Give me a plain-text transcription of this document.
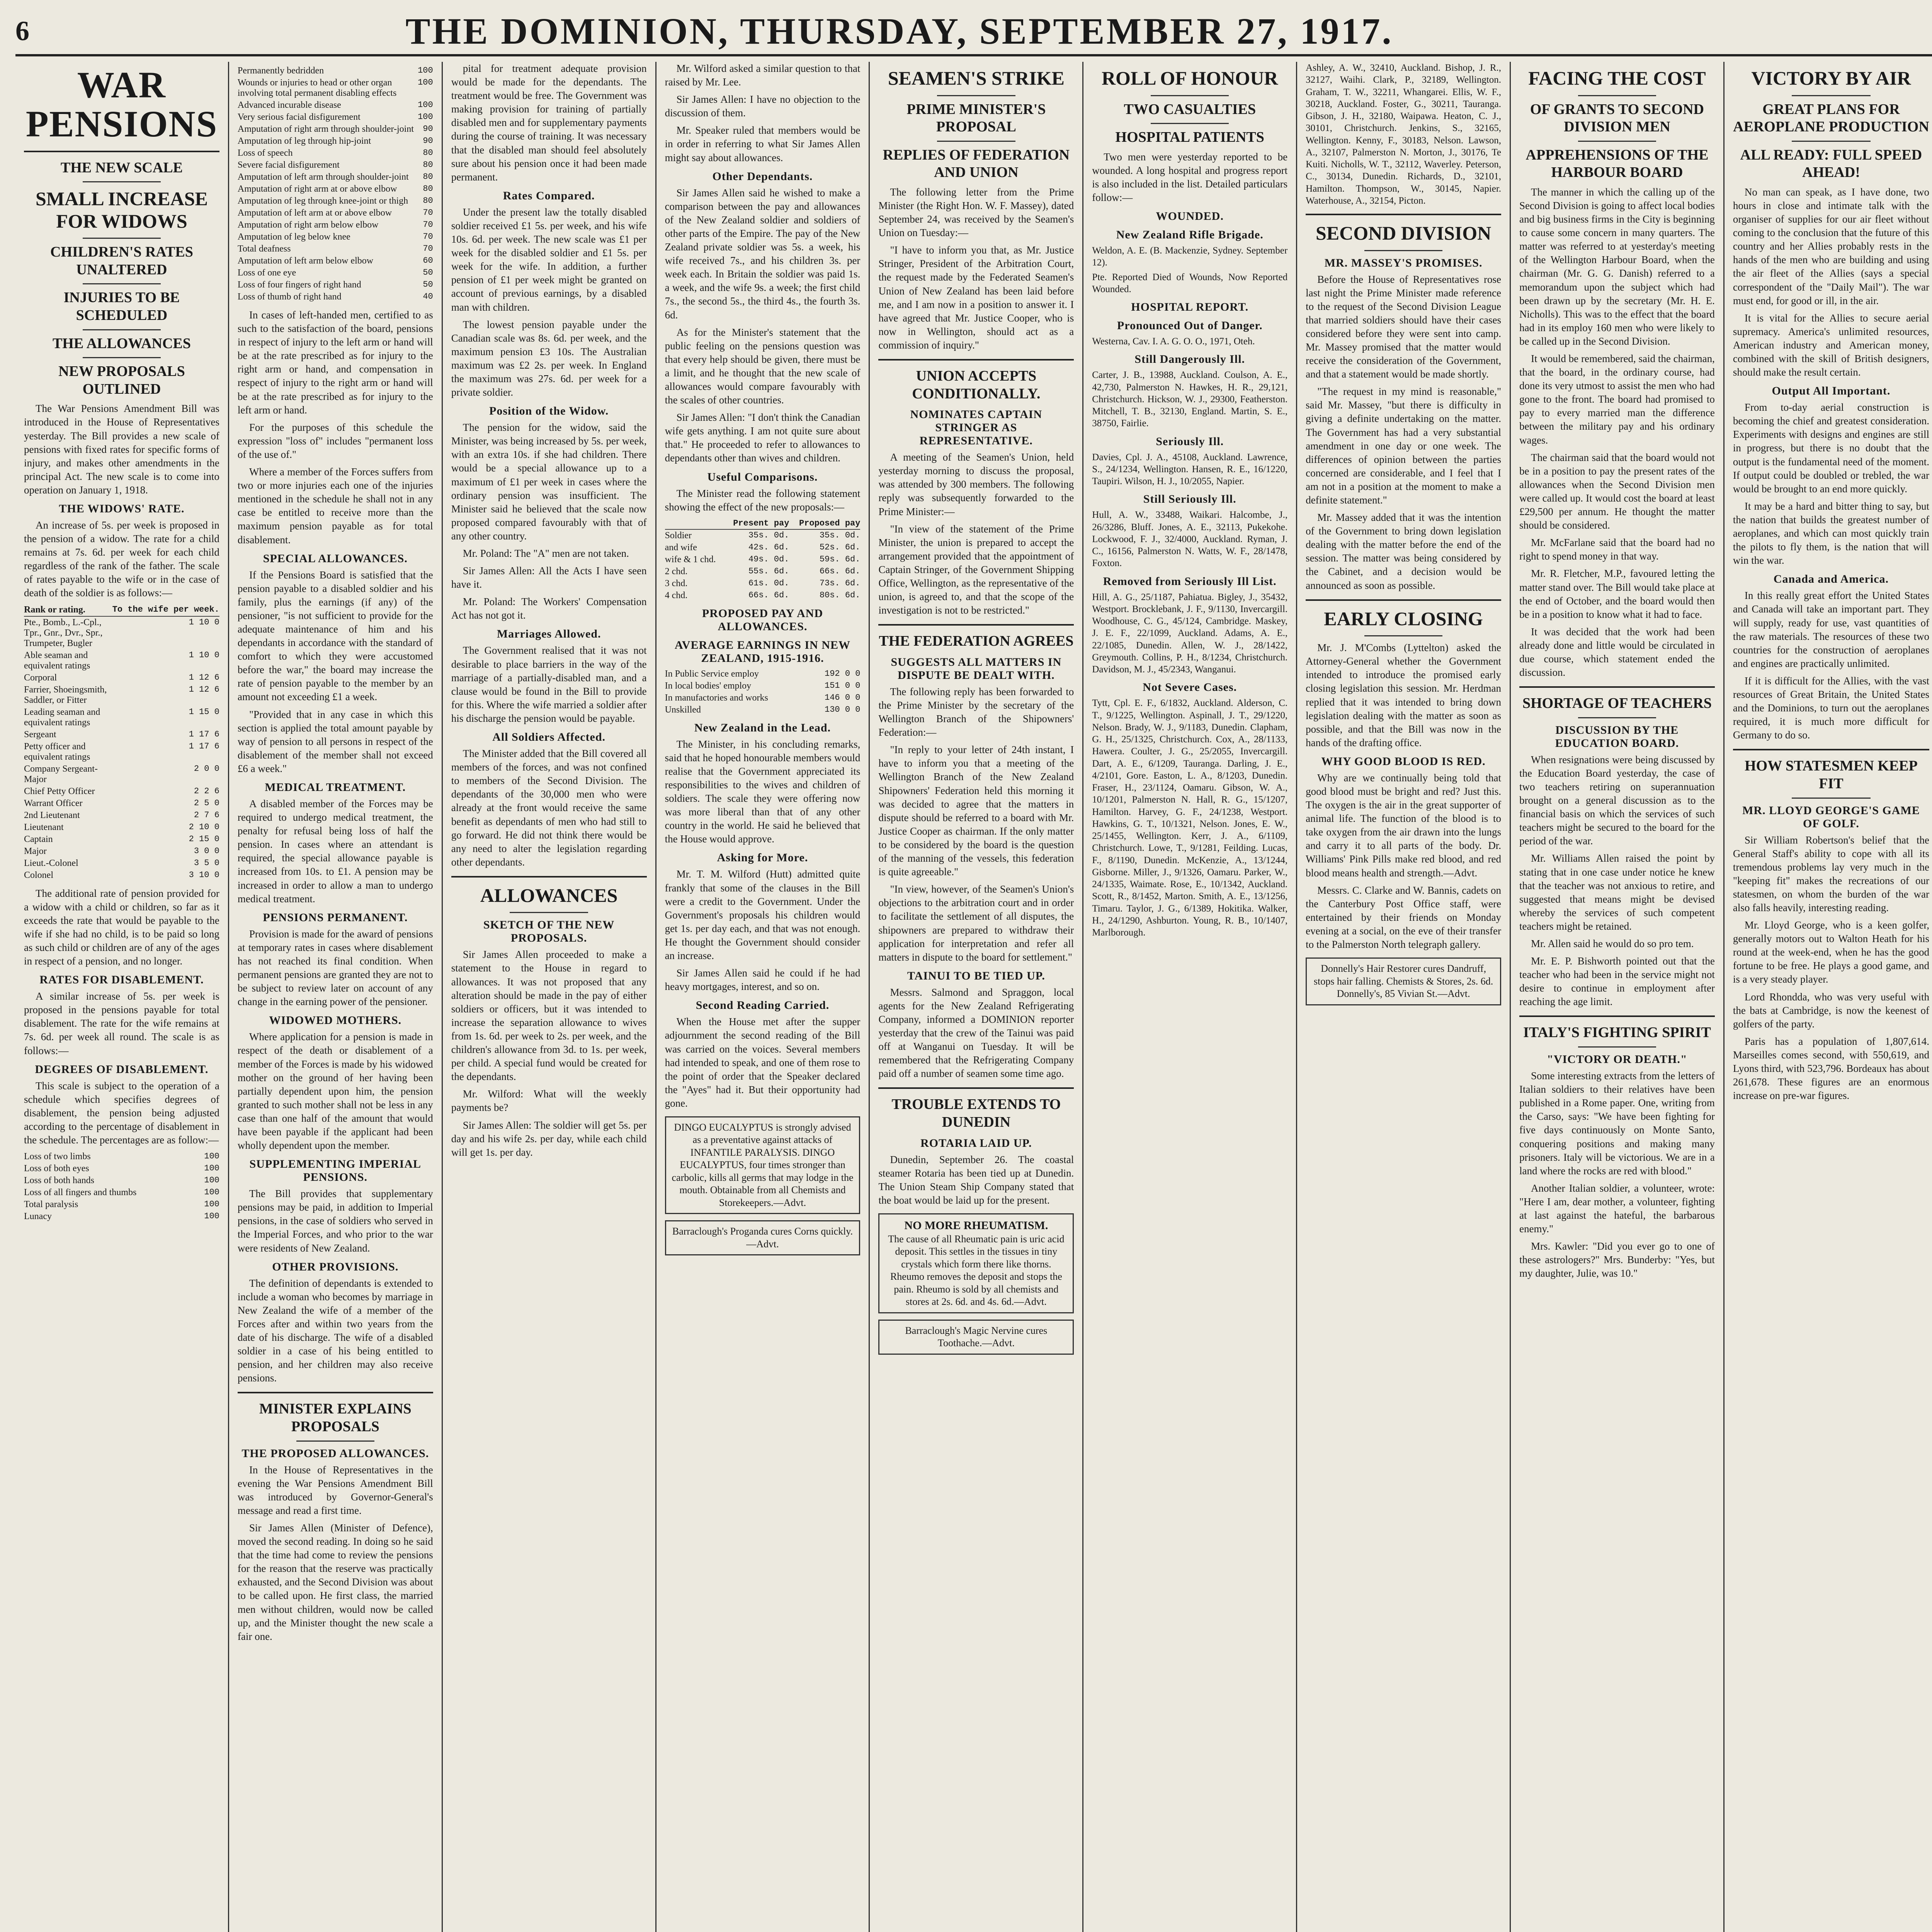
6	THE DOMINION, THURSDAY, SEPTEMBER 27, 1917.
WAR PENSIONS
THE NEW SCALE
SMALL INCREASE FOR WIDOWS
CHILDREN'S RATES UNALTERED
INJURIES TO BE SCHEDULED
THE ALLOWANCES
NEW PROPOSALS OUTLINED

The War Pensions Amendment Bill was introduced in the House of Representatives yesterday. The Bill provides a new scale of pensions with fixed rates for specific forms of injury, and makes other amendments in the principal Act. The new scale is to come into operation on January 1, 1918.

THE WIDOWS' RATE.

An increase of 5s. per week is proposed in the pension of a widow. The rate for a child remains at 7s. 6d. per week for each child regardless of the rank of the father. The scale of rates payable to the wife or in the case of death of the soldier is as follows:—

Rank or rating.	To the wife per week.
Pte., Bomb., L.-Cpl., Tpr., Gnr., Dvr., Spr., Trumpeter, Bugler	1 10 0
Able seaman and equivalent ratings	1 10 0
Corporal	1 12 6
Farrier, Shoeingsmith, Saddler, or Fitter	1 12 6
Leading seaman and equivalent ratings	1 15 0
Sergeant	1 17 6
Petty officer and equivalent ratings	1 17 6
Company Sergeant-Major	2 0 0
Chief Petty Officer	2 2 6
Warrant Officer	2 5 0
2nd Lieutenant	2 7 6
Lieutenant	2 10 0
Captain	2 15 0
Major	3 0 0
Lieut.-Colonel	3 5 0
Colonel	3 10 0

The additional rate of pension provided for a widow with a child or children, so far as it exceeds the rate that would be payable to the wife if she had no child, is to be paid so long as such child or children are of any of the ages in respect of a pension, and no longer.

RATES FOR DISABLEMENT.

A similar increase of 5s. per week is proposed in the pensions payable for total disablement. The rate for the wife remains at 7s. 6d. per week all round. The scale is as follows:—

DEGREES OF DISABLEMENT.

This scale is subject to the operation of a schedule which specifies degrees of disablement, the pension being adjusted according to the percentage of disablement in the schedule. The percentages are as follow:—

Loss of two limbs	100
Loss of both eyes	100
Loss of both hands	100
Loss of all fingers and thumbs	100
Total paralysis	100
Lunacy	100
Permanently bedridden	100
Wounds or injuries to head or other organ involving total permanent disabling effects	100
Advanced incurable disease	100
Very serious facial disfigurement	100
Amputation of right arm through shoulder-joint	90
Amputation of leg through hip-joint	90
Loss of speech	80
Severe facial disfigurement	80
Amputation of left arm through shoulder-joint	80
Amputation of right arm at or above elbow	80
Amputation of leg through knee-joint or thigh	80
Amputation of left arm at or above elbow	70
Amputation of right arm below elbow	70
Amputation of leg below knee	70
Total deafness	70
Amputation of left arm below elbow	60
Loss of one eye	50
Loss of four fingers of right hand	50
Loss of thumb of right hand	40

In cases of left-handed men, certified to as such to the satisfaction of the board, pensions in respect of injury to the left arm or hand will be at the rate prescribed as for injury to the right arm or hand, and compensation in respect of injury to the right arm or hand will be at the rate prescribed as for injury to the left arm or hand.

For the purposes of this schedule the expression "loss of" includes "permanent loss of the use of."

Where a member of the Forces suffers from two or more injuries each one of the injuries mentioned in the schedule he shall not in any case be entitled to receive more than the maximum pension payable as for total disablement.

SPECIAL ALLOWANCES.

If the Pensions Board is satisfied that the pension payable to a disabled soldier and his family, plus the earnings (if any) of the pensioner, "is not sufficient to provide for the adequate maintenance of him and his dependants in accordance with the standard of comfort to which they were accustomed before the war," the board may increase the rate of pension payable to the member by an amount not exceeding £1 a week.

"Provided that in any case in which this section is applied the total amount payable by way of pension to all persons in respect of the disablement of the member shall not exceed £6 a week."

MEDICAL TREATMENT.

A disabled member of the Forces may be required to undergo medical treatment, the penalty for refusal being loss of half the pension. In cases where an attendant is required, the special allowance payable is increased from 10s. to £1. A pension may be increased in order to allow a man to undergo medical treatment.

PENSIONS PERMANENT.

Provision is made for the award of pensions at temporary rates in cases where disablement has not reached its final condition. When permanent pensions are granted they are not to be subject to review later on account of any change in the earning power of the pensioner.

WIDOWED MOTHERS.

Where application for a pension is made in respect of the death or disablement of a member of the Forces is made by his widowed mother on the ground of her having been partially dependent upon him, the pension granted to such mother shall not be less in any case than one half of the amount that would have been payable if the applicant had been wholly dependent upon the member.

SUPPLEMENTING IMPERIAL PENSIONS.

The Bill provides that supplementary pensions may be paid, in addition to Imperial pensions, in the case of soldiers who served in the Imperial Forces, and who prior to the war were residents of New Zealand.

OTHER PROVISIONS.

The definition of dependants is extended to include a woman who becomes by marriage in New Zealand the wife of a member of the Forces after and within two years from the date of his discharge. The wife of a disabled soldier in a case of his being entitled to pension, and her children may also receive pensions.

MINISTER EXPLAINS PROPOSALS
THE PROPOSED ALLOWANCES.

In the House of Representatives in the evening the War Pensions Amendment Bill was introduced by Governor-General's message and read a first time.

Sir James Allen (Minister of Defence), moved the second reading. In doing so he said that the time had come to review the pensions for the reason that the reserve was practically exhausted, and the Second Division was about to be called upon. He first class, the married men without children, would now be called up, and the Minister thought the new scale a fair one.

pital for treatment adequate provision would be made for the dependants. The treatment would be free. The Government was making provision for training of partially disabled men and for supplementary payments during the course of training. It was necessary that the disabled man should feel absolutely sure about his pension once it had been made permanent.

Rates Compared.

Under the present law the totally disabled soldier received £1 5s. per week, and his wife 10s. 6d. per week. The new scale was £1 per week for the disabled soldier and £1 5s. per week for the wife. In addition, a further pension of £1 per week might be granted on account of previous earnings, by a disabled man with children.

The lowest pension payable under the Canadian scale was 8s. 6d. per week, and the maximum pension £3 10s. The Australian maximum was £2 2s. per week. In England the maximum was 27s. 6d. per week for a private soldier.

Position of the Widow.

The pension for the widow, said the Minister, was being increased by 5s. per week, with an extra 10s. if she had children. There would be a special allowance up to a maximum of £1 per week in cases where the ordinary pension was insufficient. The Minister said he believed that the scale now proposed compared favourably with that of any other country.

Mr. Poland: The "A" men are not taken.

Sir James Allen: All the Acts I have seen have it.

Mr. Poland: The Workers' Compensation Act has not got it.

Marriages Allowed.

The Government realised that it was not desirable to place barriers in the way of the marriage of a partially-disabled man, and a clause would be found in the Bill to provide for this. Where the wife married a soldier after his discharge the pension would be payable.

All Soldiers Affected.

The Minister added that the Bill covered all members of the forces, and was not confined to members of the Second Division. The dependants of the 30,000 men who were already at the front would receive the same benefit as dependants of men who had still to go forward. He did not think there would be any need to alter the legislation regarding other dependants.

ALLOWANCES
SKETCH OF THE NEW PROPOSALS.

Sir James Allen proceeded to make a statement to the House in regard to allowances. It was not proposed that any alteration should be made in the pay of either soldiers or officers, but it was intended to increase the separation allowance to wives from 1s. 6d. per week to 2s. per week, and the children's allowance from 3d. to 1s. per week, per child. A special fund would be created for the dependants.

Mr. Wilford: What will the weekly payments be?

Sir James Allen: The soldier will get 5s. per day and his wife 2s. per day, while each child will get 1s. per day.

Mr. Wilford asked a similar question to that raised by Mr. Lee.

Sir James Allen: I have no objection to the discussion of them.

Mr. Speaker ruled that members would be in order in referring to what Sir James Allen might say about allowances.

Other Dependants.

Sir James Allen said he wished to make a comparison between the pay and allowances of the New Zealand soldier and soldiers of other parts of the Empire. The pay of the New Zealand private soldier was 5s. a week, his wife received 7s., and his children 3s. per week each. In Britain the soldier was paid 1s. a week, and the wife 9s. a week; the first child 7s., the second 5s., the third 4s., the fourth 3s. 6d.

As for the Minister's statement that the public feeling on the pensions question was that every help should be given, there must be a limit, and he thought that the new scale of allowances would compare favourably with the scales of other countries.

Sir James Allen: "I don't think the Canadian wife gets anything. I am not quite sure about that." He proceeded to refer to allowances to dependants other than wives and children.

Useful Comparisons.

The Minister read the following statement showing the effect of the new proposals:—

	Present pay	Proposed pay
Soldier	35s. 0d.	35s. 0d.
and wife	42s. 6d.	52s. 6d.
wife & 1 chd.	49s. 0d.	59s. 6d.
2 chd.	55s. 6d.	66s. 6d.
3 chd.	61s. 0d.	73s. 6d.
4 chd.	66s. 6d.	80s. 6d.
PROPOSED PAY AND ALLOWANCES.
AVERAGE EARNINGS IN NEW ZEALAND, 1915-1916.
In Public Service employ	192 0 0
In local bodies' employ	151 0 0
In manufactories and works	146 0 0
Unskilled	130 0 0
New Zealand in the Lead.

The Minister, in his concluding remarks, said that he hoped honourable members would realise that the Government appreciated its responsibilities to the wives and children of soldiers. The scale they were offering now was more liberal than that of any other country in the world. He said he believed that the House would approve.

Asking for More.

Mr. T. M. Wilford (Hutt) admitted quite frankly that some of the clauses in the Bill were a credit to the Government. Under the Government's proposals his children would get 1s. per day each, and that was not enough. He thought the Government should consider an increase.

Sir James Allen said he could if he had heavy mortgages, interest, and so on.

Second Reading Carried.

When the House met after the supper adjournment the second reading of the Bill was carried on the voices. Several members had intended to speak, and one of them rose to the point of order that the Speaker declared the "Ayes" had it. But their opportunity had gone.

DINGO EUCALYPTUS is strongly advised as a preventative against attacks of INFANTILE PARALYSIS. DINGO EUCALYPTUS, four times stronger than carbolic, kills all germs that may lodge in the mouth. Obtainable from all Chemists and Storekeepers.—Advt.
Barraclough's Proganda cures Corns quickly.—Advt.
SEAMEN'S STRIKE
PRIME MINISTER'S PROPOSAL
REPLIES OF FEDERATION AND UNION

The following letter from the Prime Minister (the Right Hon. W. F. Massey), dated September 24, was received by the Seamen's Union on Tuesday:—

"I have to inform you that, as Mr. Justice Stringer, President of the Arbitration Court, the request made by the Federated Seamen's Union of New Zealand has been laid before me, and I am now in a position to answer it. I have agreed that Mr. Justice Cooper, who is now in Wellington, should act as a commission of inquiry."

UNION ACCEPTS CONDITIONALLY.
NOMINATES CAPTAIN STRINGER AS REPRESENTATIVE.

A meeting of the Seamen's Union, held yesterday morning to discuss the proposal, was attended by 300 members. The following reply was subsequently forwarded to the Prime Minister:—

"In view of the statement of the Prime Minister, the union is prepared to accept the arrangement provided that the appointment of Captain Stringer, of the Government Shipping Office, Wellington, as the representative of the union, is agreed to, and that the scope of the investigation is not to be restricted."

THE FEDERATION AGREES
SUGGESTS ALL MATTERS IN DISPUTE BE DEALT WITH.

The following reply has been forwarded to the Prime Minister by the secretary of the Wellington Branch of the Shipowners' Federation:—

"In reply to your letter of 24th instant, I have to inform you that a meeting of the Wellington Branch of the New Zealand Shipowners' Federation held this morning it was decided to agree that the matters in dispute should be referred to a board with Mr. Justice Cooper as chairman. If the only matter to be considered by the board is the question of the manning of the vessels, this federation is quite agreeable."

"In view, however, of the Seamen's Union's objections to the arbitration court and in order to facilitate the settlement of all disputes, the shipowners are prepared to withdraw their application for interpretation and refer all matters in dispute to the board for settlement."

TAINUI TO BE TIED UP.

Messrs. Salmond and Spraggon, local agents for the New Zealand Refrigerating Company, informed a DOMINION reporter yesterday that the crew of the Tainui was paid off at Wanganui on Tuesday. It will be remembered that the Refrigerating Company paid off a number of seamen some time ago.

TROUBLE EXTENDS TO DUNEDIN
ROTARIA LAID UP.

Dunedin, September 26. The coastal steamer Rotaria has been tied up at Dunedin. The Union Steam Ship Company stated that the boat would be laid up for the present.

NO MORE RHEUMATISM.
The cause of all Rheumatic pain is uric acid deposit. This settles in the tissues in tiny crystals which form there like thorns. Rheumo removes the deposit and stops the pain. Rheumo is sold by all chemists and stores at 2s. 6d. and 4s. 6d.—Advt.
Barraclough's Magic Nervine cures Toothache.—Advt.
ROLL OF HONOUR
TWO CASUALTIES
HOSPITAL PATIENTS

Two men were yesterday reported to be wounded. A long hospital and progress report is also included in the list. Detailed particulars follow:—

WOUNDED.
New Zealand Rifle Brigade.
Weldon, A. E. (B. Mackenzie, Sydney. September 12).
Pte. Reported Died of Wounds, Now Reported Wounded.
HOSPITAL REPORT.
Pronounced Out of Danger.
Westerna, Cav. I. A. G. O. O., 1971, Oteh.
Still Dangerously Ill.
Carter, J. B., 13988, Auckland. Coulson, A. E., 42,730, Palmerston N. Hawkes, H. R., 29,121, Christchurch. Hickson, W. J., 29300, Featherston. Mitchell, T. B., 32130, England. Martin, S. E., 38750, Fairlie.
Seriously Ill.
Davies, Cpl. J. A., 45108, Auckland. Lawrence, S., 24/1234, Wellington. Hansen, R. E., 16/1220, Taupiri. Wilson, H. J., 10/2055, Napier.
Still Seriously Ill.
Hull, A. W., 33488, Waikari. Halcombe, J., 26/3286, Bluff. Jones, A. E., 32113, Pukekohe. Lockwood, F. J., 32/4000, Auckland. Ryman, J. C., 16156, Palmerston N. Watts, W. F., 28/1478, Foxton.
Removed from Seriously Ill List.
Hill, A. G., 25/1187, Pahiatua. Bigley, J., 35432, Westport. Brocklebank, J. F., 9/1130, Invercargill. Woodhouse, C. G., 45/124, Cambridge. Maskey, J. E. F., 22/1099, Auckland. Adams, A. E., 22/1085, Dunedin. Allen, W. J., 28/1422, Greymouth. Collins, P. H., 8/1234, Christchurch. Davidson, M. J., 45/2343, Wanganui.
Not Severe Cases.
Tytt, Cpl. E. F., 6/1832, Auckland. Alderson, C. T., 9/1225, Wellington. Aspinall, J. T., 29/1220, Nelson. Brady, W. J., 9/1183, Dunedin. Clapham, G. H., 25/1325, Christchurch. Cox, A., 28/1133, Hawera. Coulter, J. G., 25/2055, Invercargill. Dart, A. E., 6/1209, Tauranga. Darling, J. E., 4/2101, Gore. Easton, L. A., 8/1203, Dunedin. Fraser, H., 23/1124, Oamaru. Gibson, W. A., 10/1201, Palmerston N. Hall, R. G., 15/1207, Hamilton. Harvey, G. F., 24/1238, Westport. Hawkins, G. T., 10/1321, Nelson. Jones, E. W., 25/1455, Wellington. Kerr, J. A., 6/1109, Christchurch. Lowe, T., 9/1281, Feilding. Lucas, F., 8/1190, Dunedin. McKenzie, A., 13/1244, Gisborne. Miller, J., 9/1326, Oamaru. Parker, W., 24/1335, Waimate. Rose, E., 10/1342, Auckland. Scott, R., 8/1452, Marton. Smith, A. E., 13/1256, Timaru. Taylor, J. G., 6/1389, Hokitika. Walker, H., 24/1290, Ashburton. Young, R. B., 10/1407, Marlborough.
Ashley, A. W., 32410, Auckland. Bishop, J. R., 32127, Waihi. Clark, P., 32189, Wellington. Graham, T. W., 32211, Whangarei. Ellis, W. F., 30218, Auckland. Foster, G., 30211, Tauranga. Gibson, J. H., 32180, Waipawa. Heaton, C. J., 30101, Christchurch. Jenkins, S., 32165, Wellington. Kenny, F., 30183, Nelson. Lawson, A., 32107, Palmerston N. Morton, J., 30176, Te Kuiti. Nicholls, W. T., 32112, Waverley. Peterson, C., 30134, Dunedin. Richards, D., 32101, Hamilton. Thompson, W., 30145, Napier. Waterhouse, A., 32154, Picton.
SECOND DIVISION
MR. MASSEY'S PROMISES.

Before the House of Representatives rose last night the Prime Minister made reference to the request of the Second Division League that married soldiers should have their cases considered before they were sent into camp. Mr. Massey promised that the matter would receive the consideration of the Government, and that a statement would be made shortly.

"The request in my mind is reasonable," said Mr. Massey, "but there is difficulty in giving a definite undertaking on the matter. The Government has had a very substantial amendment in one day or one week. The differences of opinion between the parties concerned are considerable, and I feel that I am not in a position at the moment to make a definite statement."

Mr. Massey added that it was the intention of the Government to bring down legislation dealing with the matter before the end of the session. The matter was being considered by the Cabinet, and a decision would be announced as soon as possible.

EARLY CLOSING

Mr. J. M'Combs (Lyttelton) asked the Attorney-General whether the Government intended to introduce the promised early closing legislation this session. Mr. Herdman replied that it was intended to bring down legislation dealing with the matter as soon as possible, and that the Bill was now in the hands of the drafting office.

WHY GOOD BLOOD IS RED.

Why are we continually being told that good blood must be bright and red? Just this. The oxygen is the air in the great supporter of animal life. The function of the blood is to take oxygen from the air drawn into the lungs and carry it to all parts of the body. Dr. Williams' Pink Pills make red blood, and red blood means health and strength.—Advt.

Messrs. C. Clarke and W. Bannis, cadets on the Canterbury Post Office staff, were entertained by their friends on Monday evening at a social, on the eve of their transfer to the Palmerston North telegraph gallery.

Donnelly's Hair Restorer cures Dandruff, stops hair falling. Chemists & Stores, 2s. 6d. Donnelly's, 85 Vivian St.—Advt.
FACING THE COST
OF GRANTS TO SECOND DIVISION MEN
APPREHENSIONS OF THE HARBOUR BOARD

The manner in which the calling up of the Second Division is going to affect local bodies and big business firms in the City is beginning to cause some concern in many quarters. The matter was referred to at yesterday's meeting of the Wellington Harbour Board, when the chairman (Mr. G. G. Danish) referred to a memorandum upon the subject which had been drawn up by the secretary (Mr. H. E. Nicholls). This was to the effect that the board had in its employ 160 men who were likely to be called up in the Second Division.

It would be remembered, said the chairman, that the board, in the ordinary course, had done its very utmost to assist the men who had gone to the front. The board had promised to pay to every married man the difference between the military pay and his ordinary wages.

The chairman said that the board would not be in a position to pay the present rates of the allowances when the Second Division men were called up. It would cost the board at least £29,500 per annum. He thought the matter should be considered.

Mr. McFarlane said that the board had no right to spend money in that way.

Mr. R. Fletcher, M.P., favoured letting the matter stand over. The Bill would take place at the end of October, and the board would then be in a position to know what it had to face.

It was decided that the work had been already done and little would be circulated in due course, which statement ended the discussion.

SHORTAGE OF TEACHERS
DISCUSSION BY THE EDUCATION BOARD.

When resignations were being discussed by the Education Board yesterday, the case of two teachers retiring on superannuation brought on a general discussion as to the financial basis on which the services of such teachers might be secured to the board for the period of the war.

Mr. Williams Allen raised the point by stating that in one case under notice he knew that the teacher was not anxious to retire, and suggested that means might be devised whereby the services of such competent teachers might be retained.

Mr. Allen said he would do so pro tem.

Mr. E. P. Bishworth pointed out that the teacher who had been in the service might not desire to continue in employment after reaching the age limit.

ITALY'S FIGHTING SPIRIT
"VICTORY OR DEATH."

Some interesting extracts from the letters of Italian soldiers to their relatives have been published in a Rome paper. One, writing from the Carso, says: "We have been fighting for five days continuously on Monte Santo, conquering positions and making many prisoners. Italy will be victorious. We are in a land where the rocks are red with blood."

Another Italian soldier, a volunteer, wrote: "Here I am, dear mother, a volunteer, fighting at last against the hateful, the barbarous enemy."

Mrs. Kawler: "Did you ever go to one of these astrologers?" Mrs. Bunderby: "Yes, but my daughter, Julie, was 10."

VICTORY BY AIR
GREAT PLANS FOR AEROPLANE PRODUCTION
ALL READY: FULL SPEED AHEAD!

No man can speak, as I have done, two hours in close and intimate talk with the organiser of supplies for our air fleet without coming to the conclusion that the future of this country and her Allies probably rests in the hands of the men who are building and using the air fleet of the Allies (says a special correspondent of the "Daily Mail"). The war must end, for good or ill, in the air.

It is vital for the Allies to secure aerial supremacy. America's unlimited resources, American industry and American money, combined with the skill of British designers, should make the result certain.

Output All Important.

From to-day aerial construction is becoming the chief and greatest consideration. Experiments with designs and engines are still in progress, but there is no doubt that the output is the fundamental need of the moment. If output could be doubled or trebled, the war would be brought to an end more quickly.

It may be a hard and bitter thing to say, but the nation that builds the greatest number of aeroplanes, and which can most quickly train the pilots to fly them, is the nation that will win the war.

Canada and America.

In this really great effort the United States and Canada will take an important part. They will supply, ready for use, vast quantities of the raw materials. The resources of these two countries for the construction of aeroplanes and engines are practically unlimited.

If it is difficult for the Allies, with the vast resources of Great Britain, the United States and the Dominions, to turn out the aeroplanes required, it is much more difficult for Germany to do so.

HOW STATESMEN KEEP FIT
MR. LLOYD GEORGE'S GAME OF GOLF.

Sir William Robertson's belief that the General Staff's ability to cope with all its tremendous problems lay very much in the "keeping fit" makes the recreations of our statesmen, on whom the burden of the war also falls heavily, interesting reading.

Mr. Lloyd George, who is a keen golfer, generally motors out to Walton Heath for his round at the week-end, when he has the good fortune to be free. He plays a good game, and is a very steady player.

Lord Rhondda, who was very useful with the bats at Cambridge, is now the keenest of golfers of the party.

Paris has a population of 1,807,614. Marseilles comes second, with 550,619, and Lyons third, with 523,796. Bordeaux has about 261,678. These figures are an enormous increase on pre-war figures.
